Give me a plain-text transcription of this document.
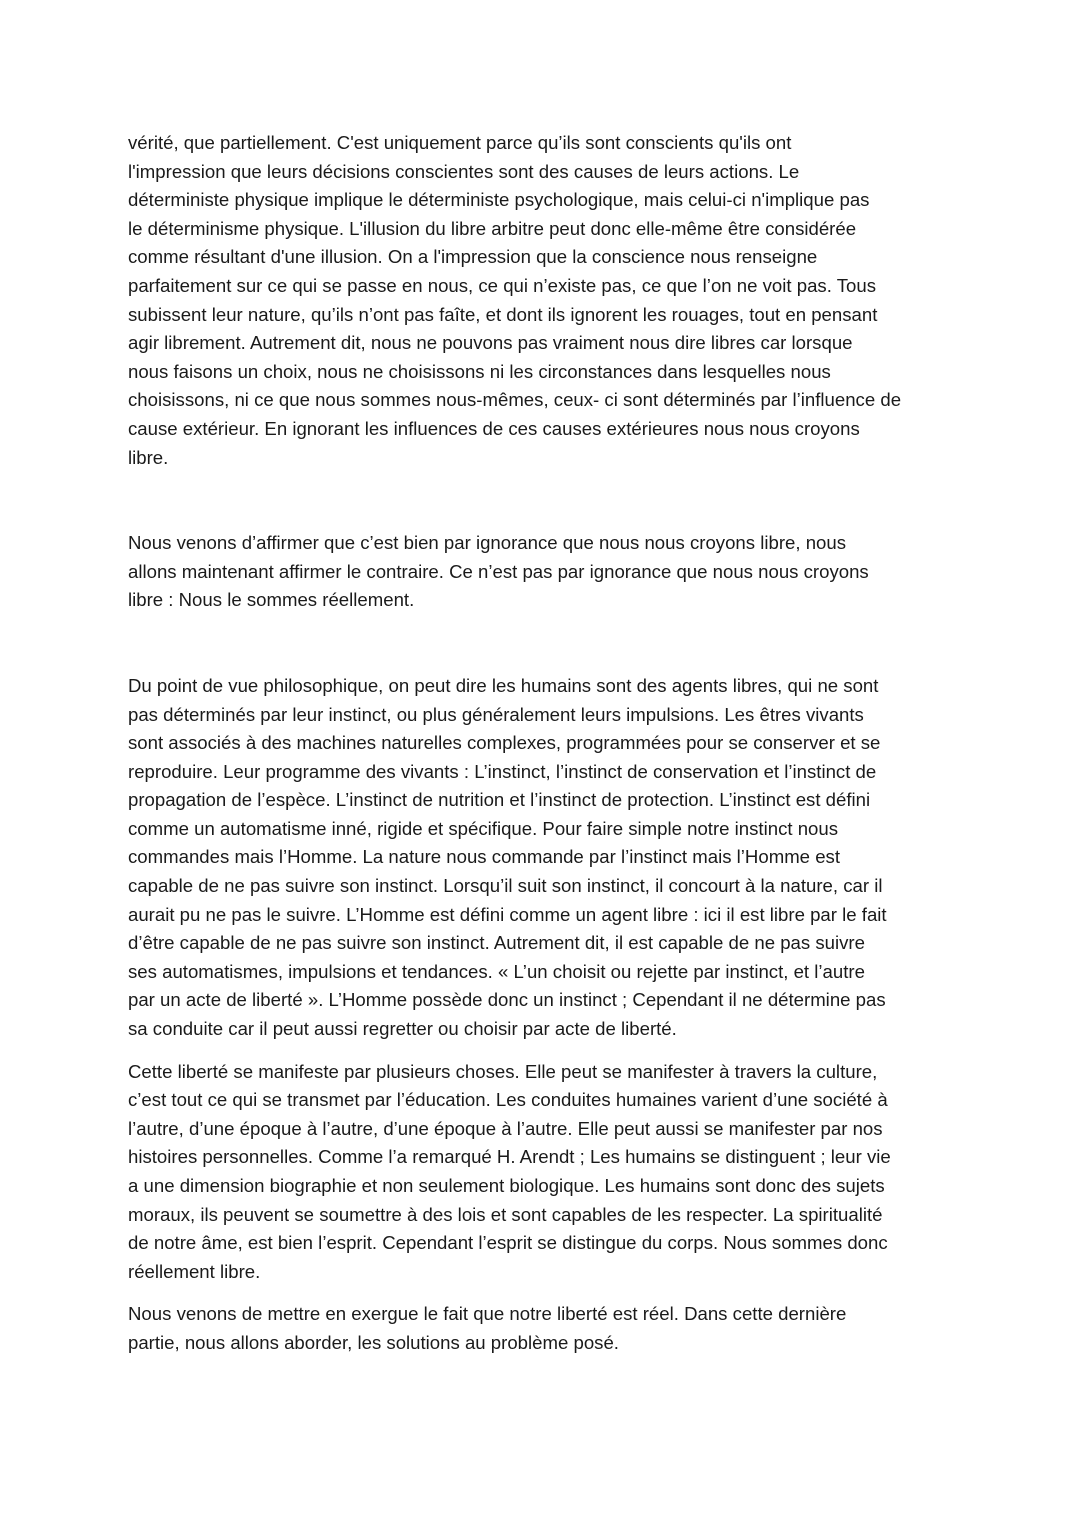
vérité, que partiellement. C'est uniquement parce qu’ils sont conscients qu'ils ont
l'impression que leurs décisions conscientes sont des causes de leurs actions. Le
déterministe physique implique le déterministe psychologique, mais celui-ci n'implique pas
le déterminisme physique. L'illusion du libre arbitre peut donc elle-même être considérée
comme résultant d'une illusion. On a l'impression que la conscience nous renseigne
parfaitement sur ce qui se passe en nous, ce qui n’existe pas, ce que l’on ne voit pas. Tous
subissent leur nature, qu’ils n’ont pas faîte, et dont ils ignorent les rouages, tout en pensant
agir librement. Autrement dit, nous ne pouvons pas vraiment nous dire libres car lorsque
nous faisons un choix, nous ne choisissons ni les circonstances dans lesquelles nous
choisissons, ni ce que nous sommes nous-mêmes, ceux- ci sont déterminés par l’influence de
cause extérieur. En ignorant les influences de ces causes extérieures nous nous croyons
libre.

Nous venons d’affirmer que c’est bien par ignorance que nous nous croyons libre, nous
allons maintenant affirmer le contraire. Ce n’est pas par ignorance que nous nous croyons
libre : Nous le sommes réellement.

Du point de vue philosophique, on peut dire les humains sont des agents libres, qui ne sont
pas déterminés par leur instinct, ou plus généralement leurs impulsions. Les êtres vivants
sont associés à des machines naturelles complexes, programmées pour se conserver et se
reproduire. Leur programme des vivants : L’instinct, l’instinct de conservation et l’instinct de
propagation de l’espèce. L’instinct de nutrition et l’instinct de protection. L’instinct est défini
comme un automatisme inné, rigide et spécifique. Pour faire simple notre instinct nous
commandes mais l’Homme. La nature nous commande par l’instinct mais l’Homme est
capable de ne pas suivre son instinct. Lorsqu’il suit son instinct, il concourt à la nature, car il
aurait pu ne pas le suivre. L’Homme est défini comme un agent libre : ici il est libre par le fait
d’être capable de ne pas suivre son instinct. Autrement dit, il est capable de ne pas suivre
ses automatismes, impulsions et tendances. « L’un choisit ou rejette par instinct, et l’autre
par un acte de liberté ». L’Homme possède donc un instinct ; Cependant il ne détermine pas
sa conduite car il peut aussi regretter ou choisir par acte de liberté.

Cette liberté se manifeste par plusieurs choses. Elle peut se manifester à travers la culture,
c’est tout ce qui se transmet par l’éducation. Les conduites humaines varient d’une société à
l’autre, d’une époque à l’autre, d’une époque à l’autre. Elle peut aussi se manifester par nos
histoires personnelles. Comme l’a remarqué H. Arendt ; Les humains se distinguent ; leur vie
a une dimension biographie et non seulement biologique. Les humains sont donc des sujets
moraux, ils peuvent se soumettre à des lois et sont capables de les respecter. La spiritualité
de notre âme, est bien l’esprit. Cependant l’esprit se distingue du corps. Nous sommes donc
réellement libre.

Nous venons de mettre en exergue le fait que notre liberté est réel. Dans cette dernière
partie, nous allons aborder, les solutions au problème posé.
